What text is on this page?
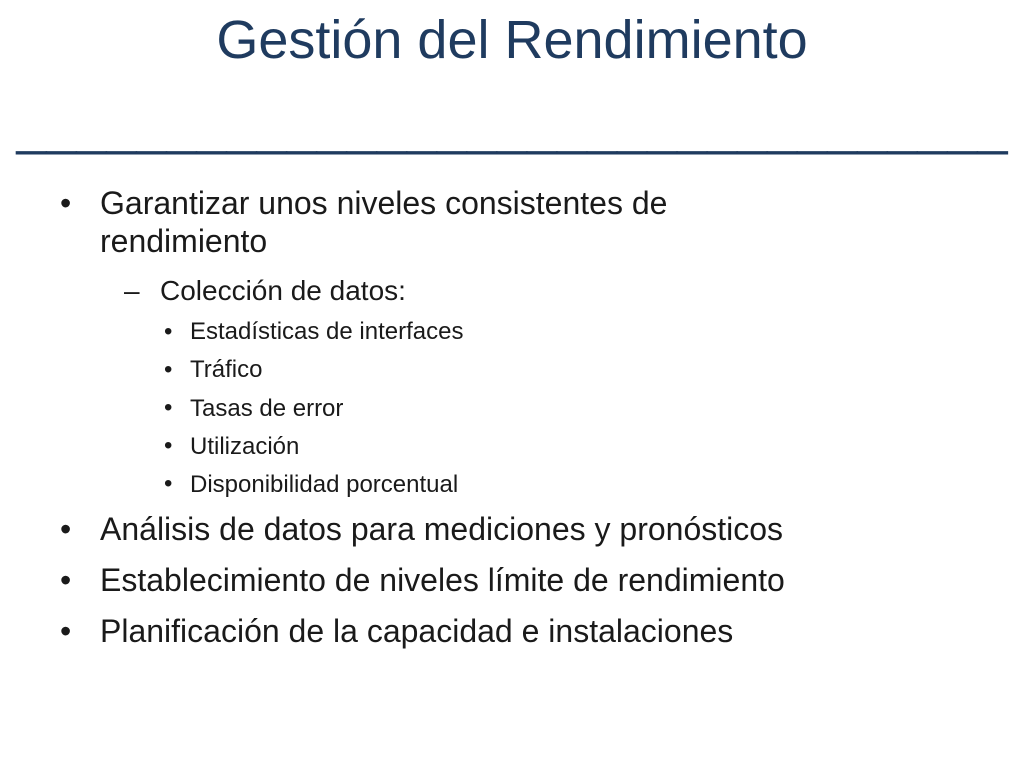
Gestión del Rendimiento
_________________________________
• Garantizar unos niveles consistentes de
rendimiento
– Colección de datos:
• Estadísticas de interfaces
• Tráfico
• Tasas de error
• Utilización
• Disponibilidad porcentual
• Análisis de datos para mediciones y pronósticos
• Establecimiento de niveles límite de rendimiento
• Planificación de la capacidad e instalaciones
